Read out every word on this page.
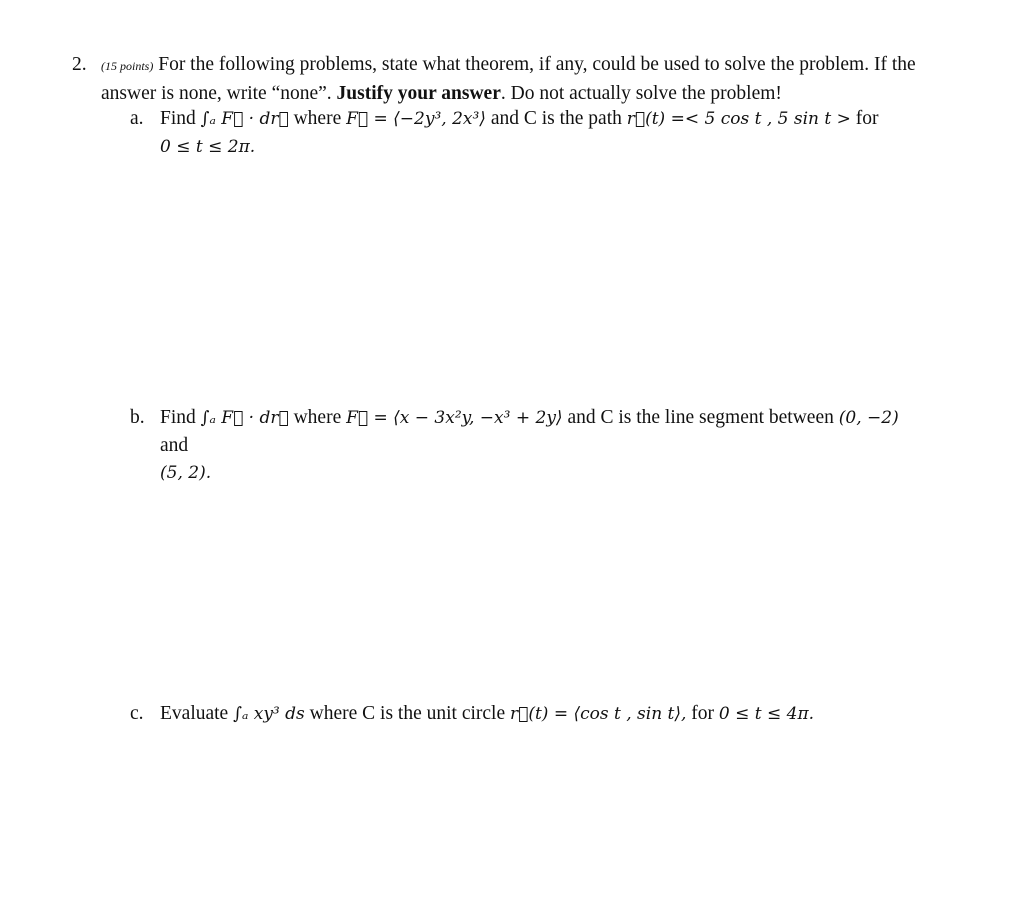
2. (15 points) For the following problems, state what theorem, if any, could be used to solve the problem. If the answer is none, write “none”. Justify your answer. Do not actually solve the problem!
a. Find ∫ₐ F⃗ · dr⃗ where F⃗ = ⟨−2y³, 2x³⟩ and C is the path r⃗(t) =< 5 cos t , 5 sin t > for
0 ≤ t ≤ 2π.
b. Find ∫ₐ F⃗ · dr⃗ where F⃗ = ⟨x − 3x²y, −x³ + 2y⟩ and C is the line segment between (0, −2) and
(5, 2).
c. Evaluate ∫ₐ xy³ ds where C is the unit circle r⃗(t) = ⟨cos t , sin t⟩, for 0 ≤ t ≤ 4π.
